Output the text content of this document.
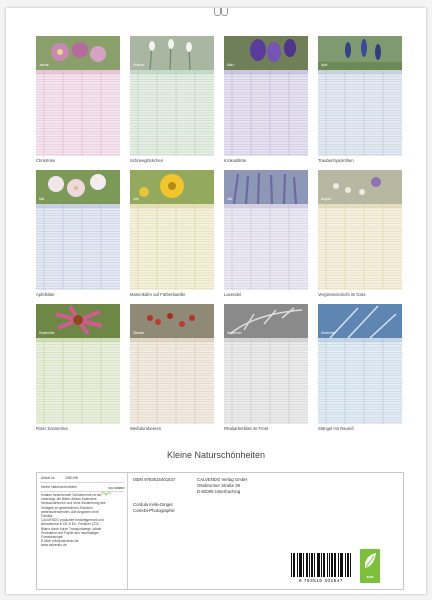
Januar
Christrose
Februar
Schneeglöckchen
März
Krokusblüte
April
Traubenhyazinthen
Mai
Apfelblüte
Juni
Marienkäfer auf Färberkamille
Juli
Lavendel
August
Vergissmeinnicht im Gras
September
Roter Sonnenhut
Oktober
Weißdornbeeren
November
Rhabarberblatt im Frost
Dezember
Stängel mit Raureif
Kleine Naturschönheiten
Artikel-Nr.	2050198
Kleine Naturschönheiten
Inhaber bestehender Schutzrechte ist es
untersagt, die Bilder dieses Kalenders
herauszutrennen und ohne Zustimmung des
Verlages zu gewerblichen Zwecken
weiterzuverwenden. Alle Angaben ohne
Gewähr.
CALVENDO produziert bedarfsgerecht und
klimaneutral in DE & EU. Positiver CO2-
Bilanz durch kurze Transportwege, lokale
Produktion und Papier aus nachhaltiger
Forstwirtschaft.
E-Mail: info@calvendo.de
www.calvendo.de
CALVENDO
ISBN 9783516401547
Cordula Kelle-Dingel
CoKeDi-Photographie
CALVENDO Verlag GmbH
Ottobrunner Straße 39
D-82008 Unterhaching
9 783516 401547
eco
